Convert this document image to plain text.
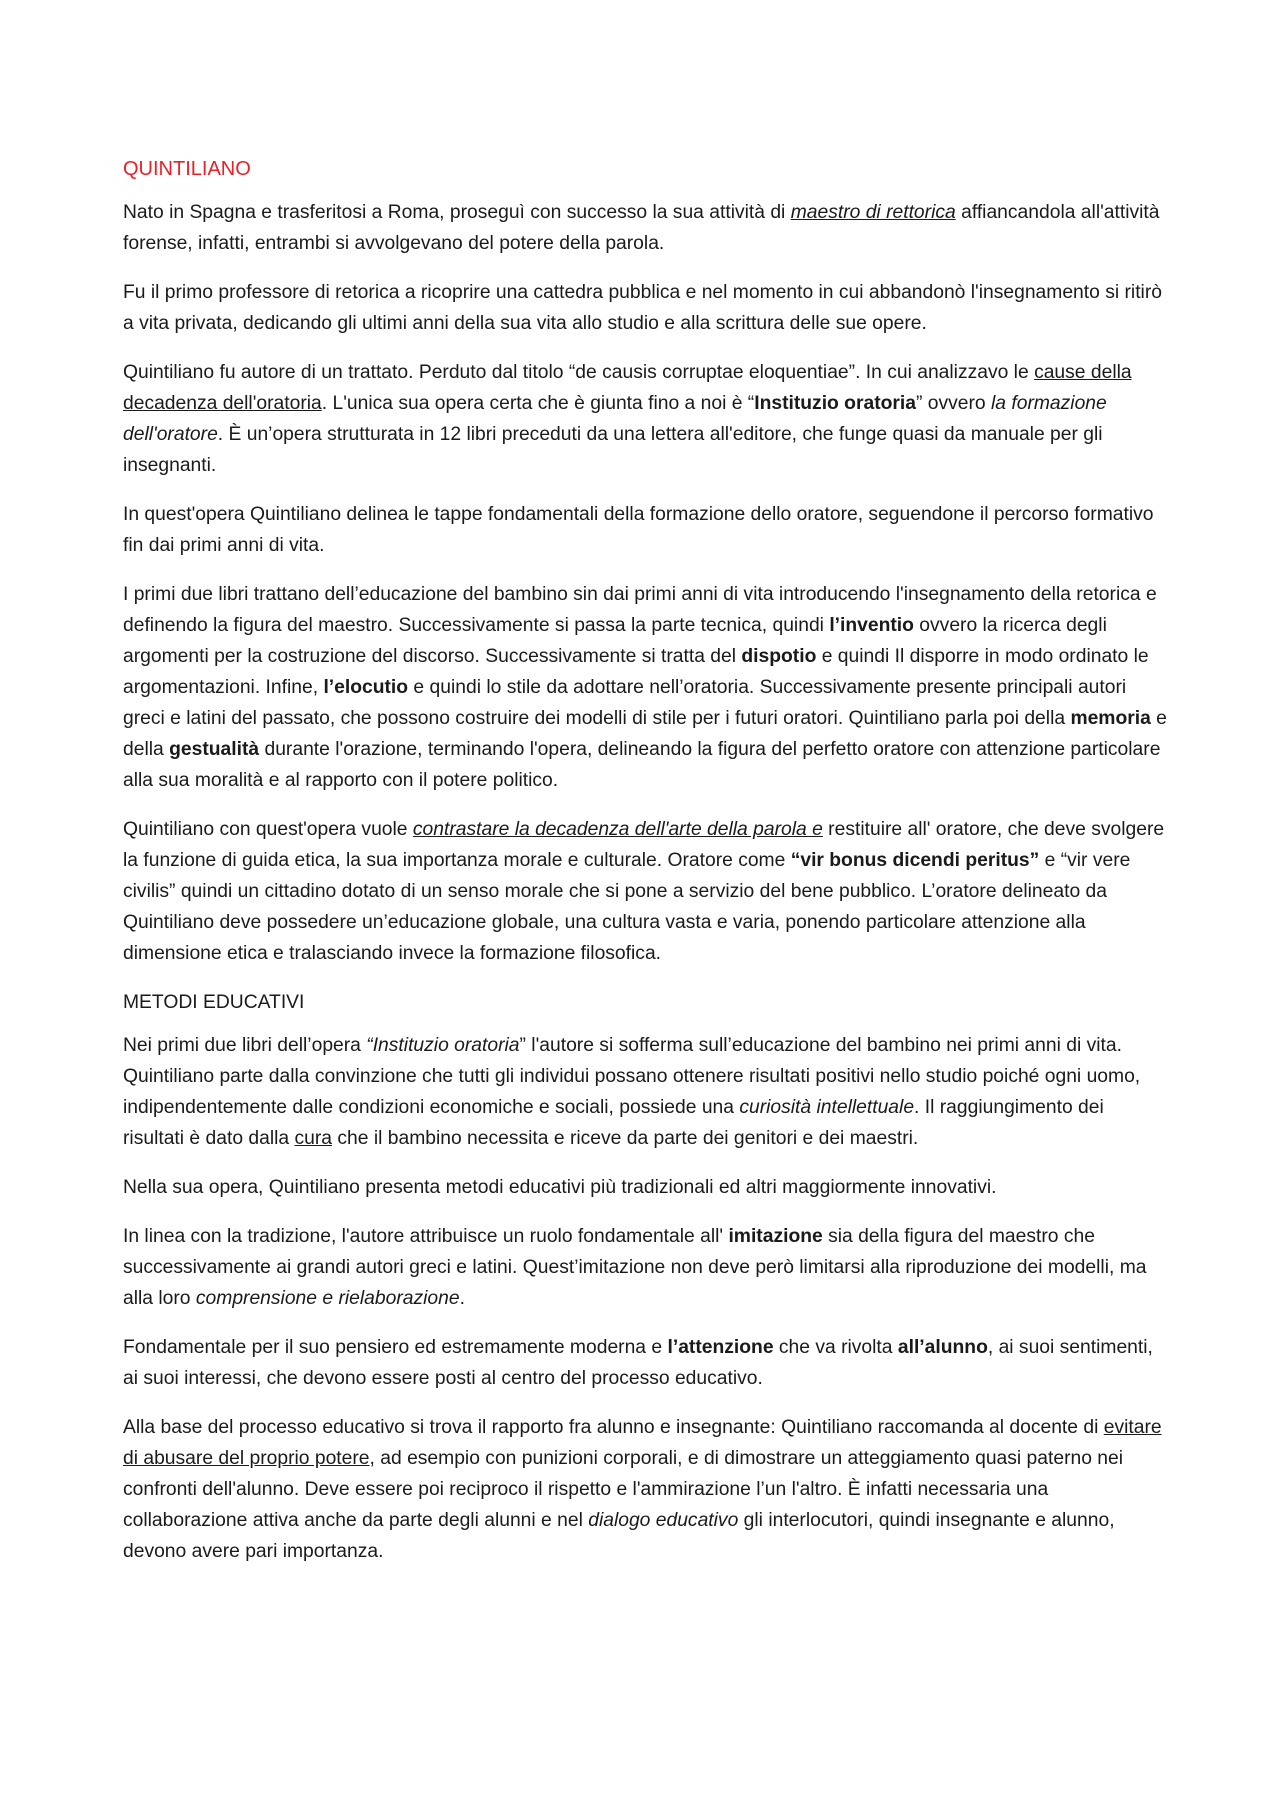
QUINTILIANO

Nato in Spagna e trasferitosi a Roma, proseguì con successo la sua attività di maestro di rettorica affiancandola all'attività forense, infatti, entrambi si avvolgevano del potere della parola.

Fu il primo professore di retorica a ricoprire una cattedra pubblica e nel momento in cui abbandonò l'insegnamento si ritirò a vita privata, dedicando gli ultimi anni della sua vita allo studio e alla scrittura delle sue opere.

Quintiliano fu autore di un trattato. Perduto dal titolo “de causis corruptae eloquentiae”. In cui analizzavo le cause della decadenza dell'oratoria. L'unica sua opera certa che è giunta fino a noi è “Instituzio oratoria” ovvero la formazione dell'oratore. È un’opera strutturata in 12 libri preceduti da una lettera all'editore, che funge quasi da manuale per gli insegnanti.

In quest'opera Quintiliano delinea le tappe fondamentali della formazione dello oratore, seguendone il percorso formativo fin dai primi anni di vita.

I primi due libri trattano dell’educazione del bambino sin dai primi anni di vita introducendo l'insegnamento della retorica e definendo la figura del maestro. Successivamente si passa la parte tecnica, quindi l’inventio ovvero la ricerca degli argomenti per la costruzione del discorso. Successivamente si tratta del dispotio e quindi Il disporre in modo ordinato le argomentazioni. Infine, l’elocutio e quindi lo stile da adottare nell’oratoria. Successivamente presente principali autori greci e latini del passato, che possono costruire dei modelli di stile per i futuri oratori. Quintiliano parla poi della memoria e della gestualità durante l'orazione, terminando l'opera, delineando la figura del perfetto oratore con attenzione particolare alla sua moralità e al rapporto con il potere politico.

Quintiliano con quest'opera vuole contrastare la decadenza dell'arte della parola e restituire all' oratore, che deve svolgere la funzione di guida etica, la sua importanza morale e culturale. Oratore come “vir bonus dicendi peritus” e “vir vere civilis” quindi un cittadino dotato di un senso morale che si pone a servizio del bene pubblico. L’oratore delineato da Quintiliano deve possedere un’educazione globale, una cultura vasta e varia, ponendo particolare attenzione alla dimensione etica e tralasciando invece la formazione filosofica.

METODI EDUCATIVI

Nei primi due libri dell’opera “Instituzio oratoria” l'autore si sofferma sull’educazione del bambino nei primi anni di vita. Quintiliano parte dalla convinzione che tutti gli individui possano ottenere risultati positivi nello studio poiché ogni uomo, indipendentemente dalle condizioni economiche e sociali, possiede una curiosità intellettuale. Il raggiungimento dei risultati è dato dalla cura che il bambino necessita e riceve da parte dei genitori e dei maestri.

Nella sua opera, Quintiliano presenta metodi educativi più tradizionali ed altri maggiormente innovativi.

In linea con la tradizione, l'autore attribuisce un ruolo fondamentale all' imitazione sia della figura del maestro che successivamente ai grandi autori greci e latini. Quest’imitazione non deve però limitarsi alla riproduzione dei modelli, ma alla loro comprensione e rielaborazione.

Fondamentale per il suo pensiero ed estremamente moderna e l’attenzione che va rivolta all’alunno, ai suoi sentimenti, ai suoi interessi, che devono essere posti al centro del processo educativo.

Alla base del processo educativo si trova il rapporto fra alunno e insegnante: Quintiliano raccomanda al docente di evitare di abusare del proprio potere, ad esempio con punizioni corporali, e di dimostrare un atteggiamento quasi paterno nei confronti dell'alunno. Deve essere poi reciproco il rispetto e l'ammirazione l’un l'altro. È infatti necessaria una collaborazione attiva anche da parte degli alunni e nel dialogo educativo gli interlocutori, quindi insegnante e alunno, devono avere pari importanza.
